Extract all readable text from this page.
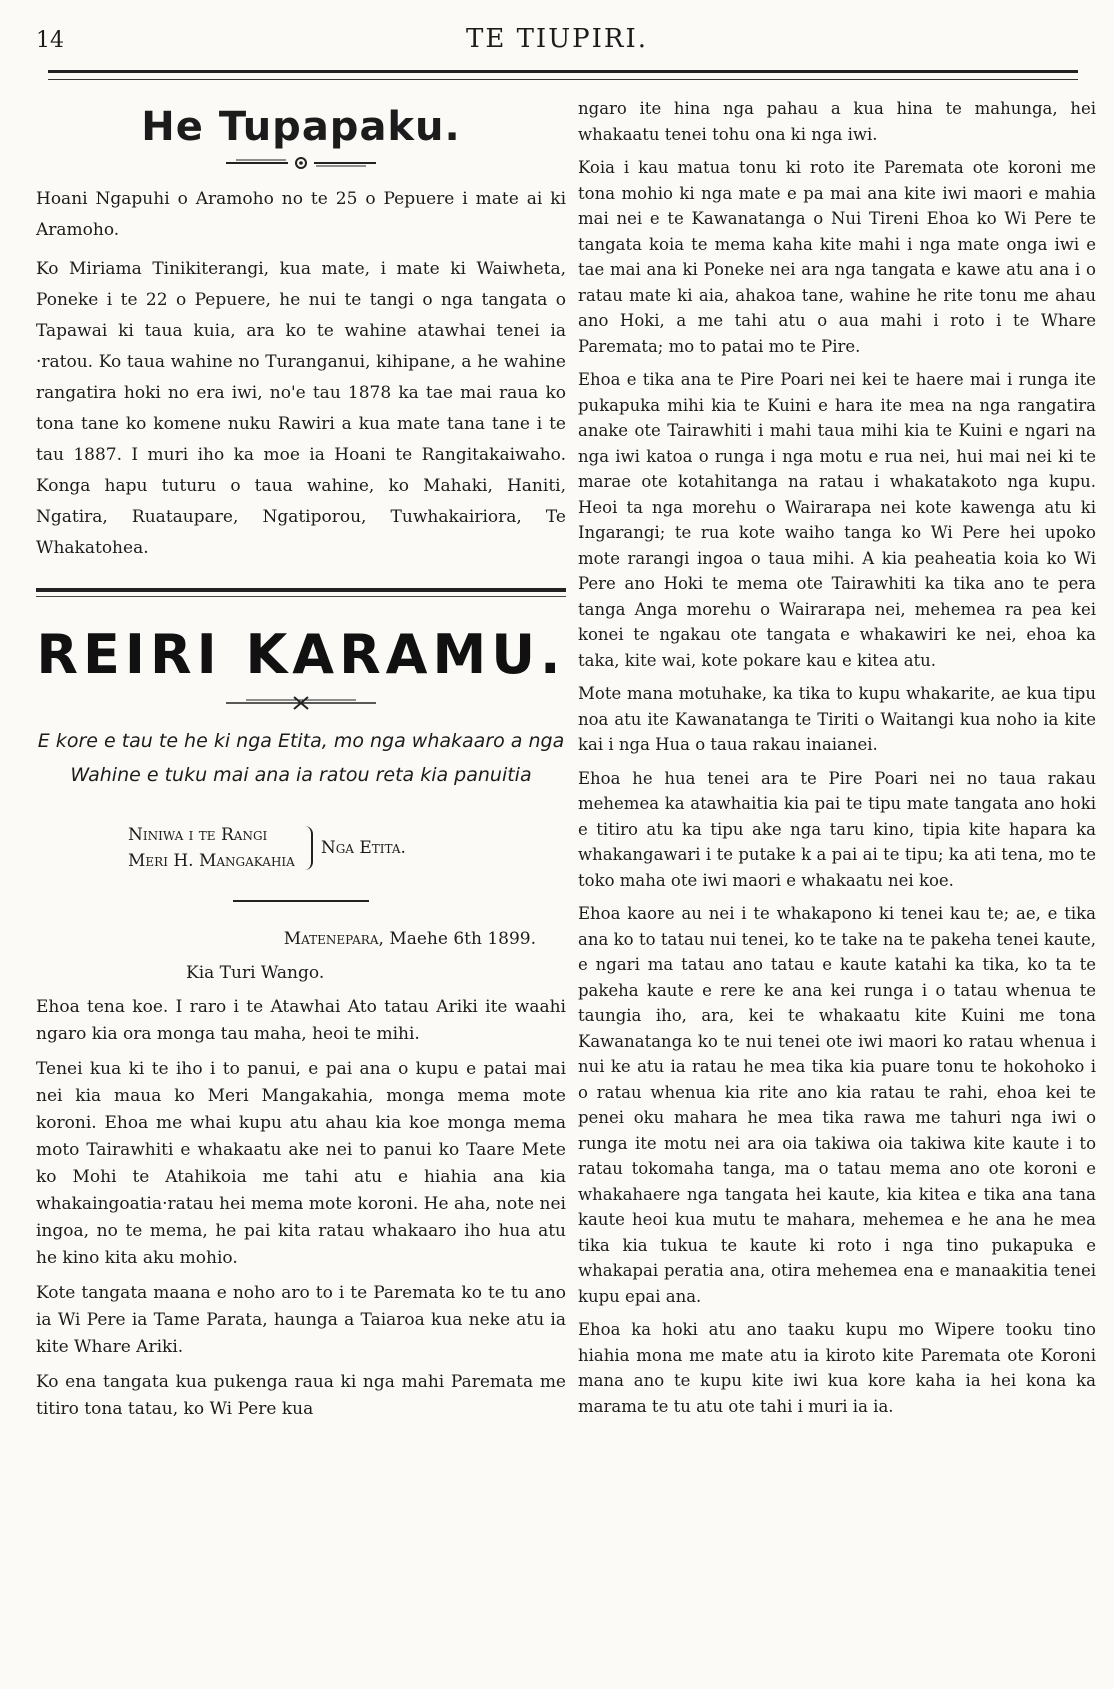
14	TE TIUPIRI.
He Tupapaku.

Hoani Ngapuhi o Aramoho no te 25 o Pepuere i mate ai ki Aramoho.

Ko Miriama Tinikiterangi, kua mate, i mate ki Waiwheta, Poneke i te 22 o Pepuere, he nui te tangi o nga tangata o Tapawai ki taua kuia, ara ko te wahine atawhai tenei ia ·ratou. Ko taua wahine no Turanganui, kihipane, a he wahine rangatira hoki no era iwi, no'e tau 1878 ka tae mai raua ko tona tane ko komene nuku Rawiri a kua mate tana tane i te tau 1887. I muri iho ka moe ia Hoani te Rangitakaiwaho. Konga hapu tuturu o taua wahine, ko Mahaki, Haniti, Ngatira, Ruataupare, Ngatiporou, Tuwhakairiora, Te Whakatohea.

REIRI KARAMU.
E kore e tau te he ki nga Etita, mo nga whakaaro a nga Wahine e tuku mai ana ia ratou reta kia panuitia
Niniwa i te Rangi
Meri H. Mangakahia
Nga Etita.
Matenepara, Maehe 6th 1899.
Kia Turi Wango.

Ehoa tena koe. I raro i te Atawhai Ato tatau Ariki ite waahi ngaro kia ora monga tau maha, heoi te mihi.

Tenei kua ki te iho i to panui, e pai ana o kupu e patai mai nei kia maua ko Meri Mangakahia, monga mema mote koroni. Ehoa me whai kupu atu ahau kia koe monga mema moto Tairawhiti e whakaatu ake nei to panui ko Taare Mete ko Mohi te Atahikoia me tahi atu e hiahia ana kia whakaingoatia·ratau hei mema mote koroni. He aha, note nei ingoa, no te mema, he pai kita ratau whakaaro iho hua atu he kino kita aku mohio.

Kote tangata maana e noho aro to i te Paremata ko te tu ano ia Wi Pere ia Tame Parata, haunga a Taiaroa kua neke atu ia kite Whare Ariki.

Ko ena tangata kua pukenga raua ki nga mahi Paremata me titiro tona tatau, ko Wi Pere kua

ngaro ite hina nga pahau a kua hina te mahunga, hei whakaatu tenei tohu ona ki nga iwi.

Koia i kau matua tonu ki roto ite Paremata ote koroni me tona mohio ki nga mate e pa mai ana kite iwi maori e mahia mai nei e te Kawanatanga o Nui Tireni Ehoa ko Wi Pere te tangata koia te mema kaha kite mahi i nga mate onga iwi e tae mai ana ki Poneke nei ara nga tangata e kawe atu ana i o ratau mate ki aia, ahakoa tane, wahine he rite tonu me ahau ano Hoki, a me tahi atu o aua mahi i roto i te Whare Paremata; mo to patai mo te Pire.

Ehoa e tika ana te Pire Poari nei kei te haere mai i runga ite pukapuka mihi kia te Kuini e hara ite mea na nga rangatira anake ote Tairawhiti i mahi taua mihi kia te Kuini e ngari na nga iwi katoa o runga i nga motu e rua nei, hui mai nei ki te marae ote kotahitanga na ratau i whakatakoto nga kupu. Heoi ta nga morehu o Wairarapa nei kote kawenga atu ki Ingarangi; te rua kote waiho tanga ko Wi Pere hei upoko mote rarangi ingoa o taua mihi. A kia peaheatia koia ko Wi Pere ano Hoki te mema ote Tairawhiti ka tika ano te pera tanga Anga morehu o Wairarapa nei, mehemea ra pea kei konei te ngakau ote tangata e whakawiri ke nei, ehoa ka taka, kite wai, kote pokare kau e kitea atu.

Mote mana motuhake, ka tika to kupu whakarite, ae kua tipu noa atu ite Kawanatanga te Tiriti o Waitangi kua noho ia kite kai i nga Hua o taua rakau inaianei.

Ehoa he hua tenei ara te Pire Poari nei no taua rakau mehemea ka atawhaitia kia pai te tipu mate tangata ano hoki e titiro atu ka tipu ake nga taru kino, tipia kite hapara ka whakangawari i te putake k a pai ai te tipu; ka ati tena, mo te toko maha ote iwi maori e whakaatu nei koe.

Ehoa kaore au nei i te whakapono ki tenei kau te; ae, e tika ana ko to tatau nui tenei, ko te take na te pakeha tenei kaute, e ngari ma tatau ano tatau e kaute katahi ka tika, ko ta te pakeha kaute e rere ke ana kei runga i o tatau whenua te taungia iho, ara, kei te whakaatu kite Kuini me tona Kawanatanga ko te nui tenei ote iwi maori ko ratau whenua i nui ke atu ia ratau he mea tika kia puare tonu te hokohoko i o ratau whenua kia rite ano kia ratau te rahi, ehoa kei te penei oku mahara he mea tika rawa me tahuri nga iwi o runga ite motu nei ara oia takiwa oia takiwa kite kaute i to ratau tokomaha tanga, ma o tatau mema ano ote koroni e whakahaere nga tangata hei kaute, kia kitea e tika ana tana kaute heoi kua mutu te mahara, mehemea e he ana he mea tika kia tukua te kaute ki roto i nga tino pukapuka e whakapai peratia ana, otira mehemea ena e manaakitia tenei kupu epai ana.

Ehoa ka hoki atu ano taaku kupu mo Wipere tooku tino hiahia mona me mate atu ia kiroto kite Paremata ote Koroni mana ano te kupu kite iwi kua kore kaha ia hei kona ka marama te tu atu ote tahi i muri ia ia.
